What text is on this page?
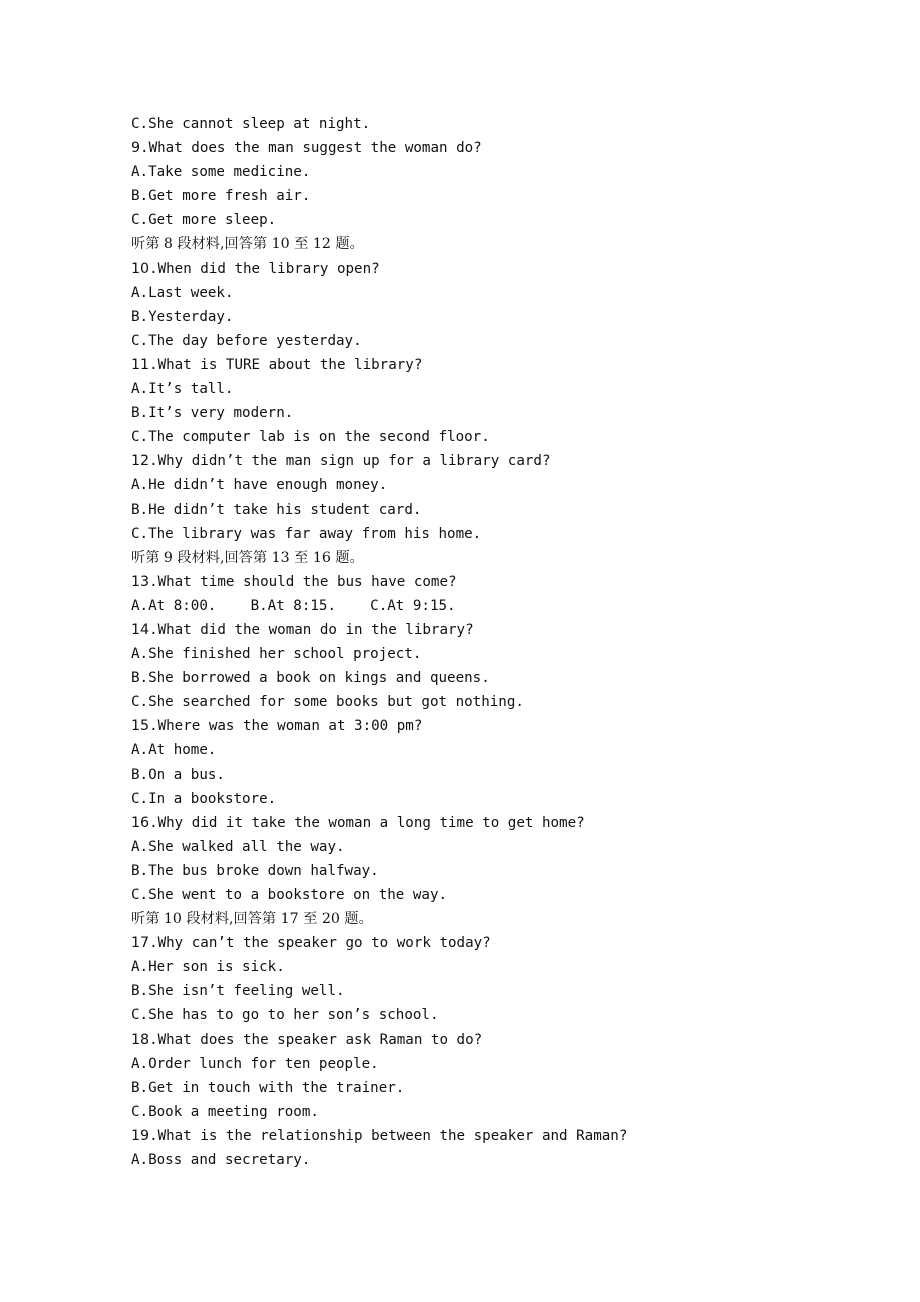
C.She cannot sleep at night.
9.What does the man suggest the woman do?
A.Take some medicine.
B.Get more fresh air.
C.Get more sleep.
听第 8 段材料,回答第 10 至 12 题。
10.When did the library open?
A.Last week.
B.Yesterday.
C.The day before yesterday.
11.What is TURE about the library?
A.It’s tall.
B.It’s very modern.
C.The computer lab is on the second floor.
12.Why didn’t the man sign up for a library card?
A.He didn’t have enough money.
B.He didn’t take his student card.
C.The library was far away from his home.
听第 9 段材料,回答第 13 至 16 题。
13.What time should the bus have come?
A.At 8:00.    B.At 8:15.    C.At 9:15.
14.What did the woman do in the library?
A.She finished her school project.
B.She borrowed a book on kings and queens.
C.She searched for some books but got nothing.
15.Where was the woman at 3:00 pm?
A.At home.
B.On a bus.
C.In a bookstore.
16.Why did it take the woman a long time to get home?
A.She walked all the way.
B.The bus broke down halfway.
C.She went to a bookstore on the way.
听第 10 段材料,回答第 17 至 20 题。
17.Why can’t the speaker go to work today?
A.Her son is sick.
B.She isn’t feeling well.
C.She has to go to her son’s school.
18.What does the speaker ask Raman to do?
A.Order lunch for ten people.
B.Get in touch with the trainer.
C.Book a meeting room.
19.What is the relationship between the speaker and Raman?
A.Boss and secretary.
